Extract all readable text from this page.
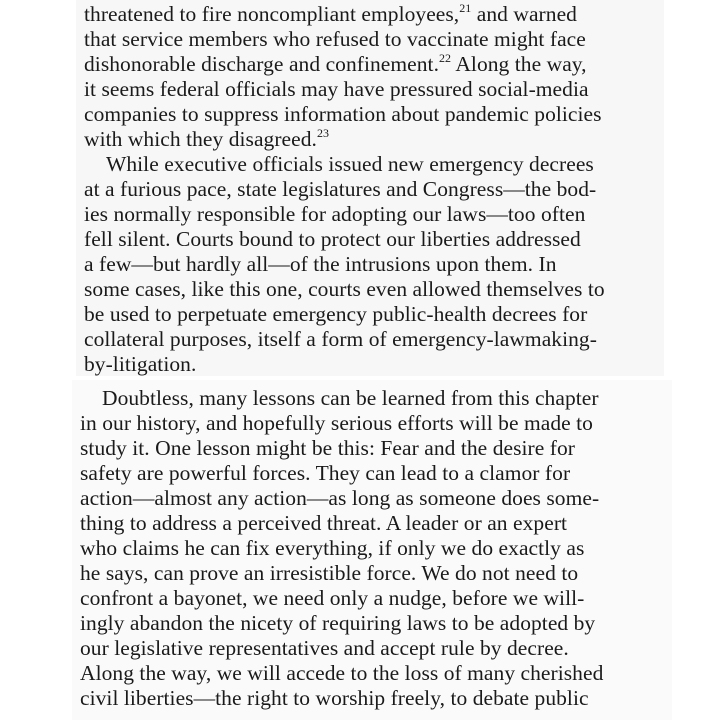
threatened to fire noncompliant employees,$^{21}$ and warned
that service members who refused to vaccinate might face
dishonorable discharge and confinement.$^{22}$ Along the way,
it seems federal officials may have pressured social-media
companies to suppress information about pandemic policies
with which they disagreed.$^{23}$
While executive officials issued new emergency decrees
at a furious pace, state legislatures and Congress—the bod-
ies normally responsible for adopting our laws—too often
fell silent. Courts bound to protect our liberties addressed
a few—but hardly all—of the intrusions upon them. In
some cases, like this one, courts even allowed themselves to
be used to perpetuate emergency public-health decrees for
collateral purposes, itself a form of emergency-lawmaking-
by-litigation.
Doubtless, many lessons can be learned from this chapter
in our history, and hopefully serious efforts will be made to
study it. One lesson might be this: Fear and the desire for
safety are powerful forces. They can lead to a clamor for
action—almost any action—as long as someone does some-
thing to address a perceived threat. A leader or an expert
who claims he can fix everything, if only we do exactly as
he says, can prove an irresistible force. We do not need to
confront a bayonet, we need only a nudge, before we will-
ingly abandon the nicety of requiring laws to be adopted by
our legislative representatives and accept rule by decree.
Along the way, we will accede to the loss of many cherished
civil liberties—the right to worship freely, to debate public
